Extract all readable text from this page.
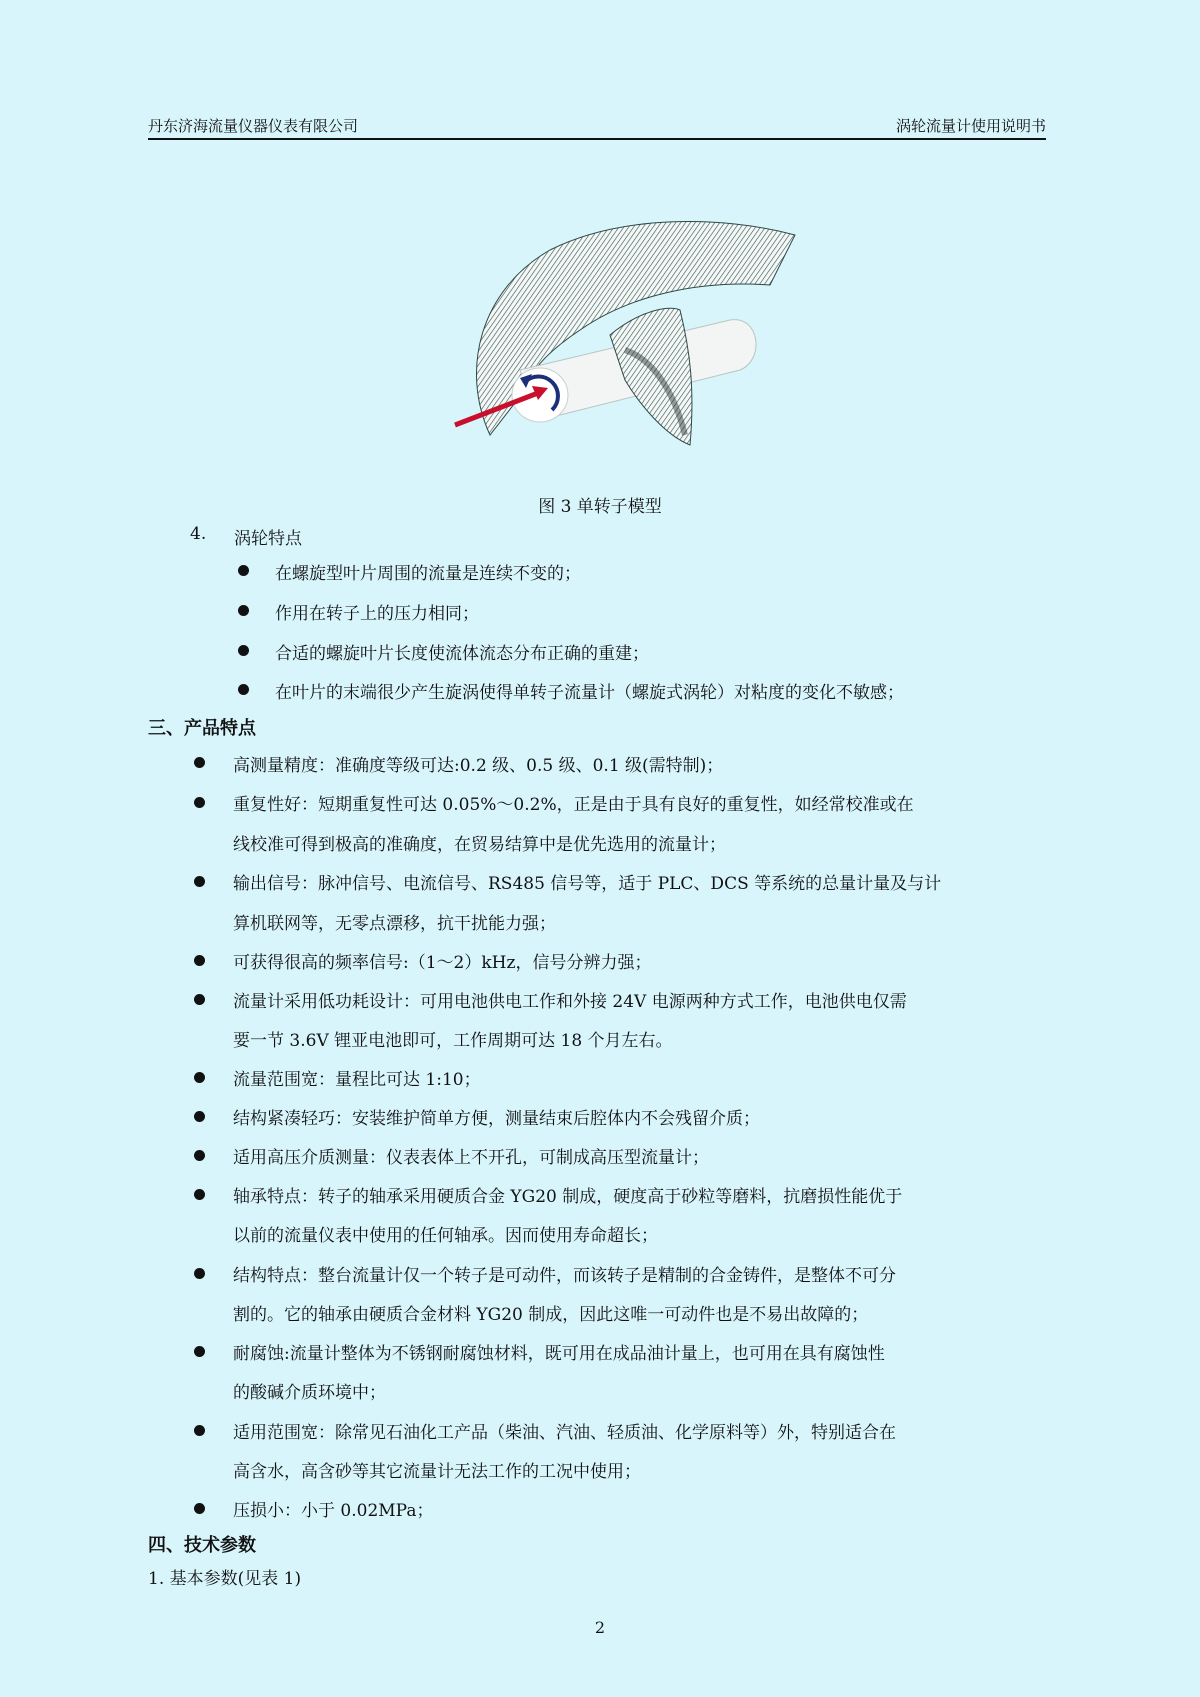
丹东济海流量仪器仪表有限公司	涡轮流量计使用说明书
图 3 单转子模型
4. 涡轮特点
在螺旋型叶片周围的流量是连续不变的；
作用在转子上的压力相同；
合适的螺旋叶片长度使流体流态分布正确的重建；
在叶片的末端很少产生旋涡使得单转子流量计（螺旋式涡轮）对粘度的变化不敏感；
三、产品特点
高测量精度：准确度等级可达:0.2 级、0.5 级、0.1 级(需特制)；
重复性好：短期重复性可达 0.05%～0.2%，正是由于具有良好的重复性，如经常校准或在
线校准可得到极高的准确度，在贸易结算中是优先选用的流量计；
输出信号：脉冲信号、电流信号、RS485 信号等，适于 PLC、DCS 等系统的总量计量及与计
算机联网等，无零点漂移，抗干扰能力强；
可获得很高的频率信号:（1～2）kHz，信号分辨力强；
流量计采用低功耗设计：可用电池供电工作和外接 24V 电源两种方式工作，电池供电仅需
要一节 3.6V 锂亚电池即可，工作周期可达 18 个月左右。
流量范围宽：量程比可达 1:10；
结构紧凑轻巧：安装维护简单方便，测量结束后腔体内不会残留介质；
适用高压介质测量：仪表表体上不开孔，可制成高压型流量计；
轴承特点：转子的轴承采用硬质合金 YG20 制成，硬度高于砂粒等磨料，抗磨损性能优于
以前的流量仪表中使用的任何轴承。因而使用寿命超长；
结构特点：整台流量计仅一个转子是可动件，而该转子是精制的合金铸件，是整体不可分
割的。它的轴承由硬质合金材料 YG20 制成，因此这唯一可动件也是不易出故障的；
耐腐蚀:流量计整体为不锈钢耐腐蚀材料，既可用在成品油计量上，也可用在具有腐蚀性
的酸碱介质环境中；
适用范围宽：除常见石油化工产品（柴油、汽油、轻质油、化学原料等）外，特别适合在
高含水，高含砂等其它流量计无法工作的工况中使用；
压损小：小于 0.02MPa；
四、技术参数
1. 基本参数(见表 1)
2
